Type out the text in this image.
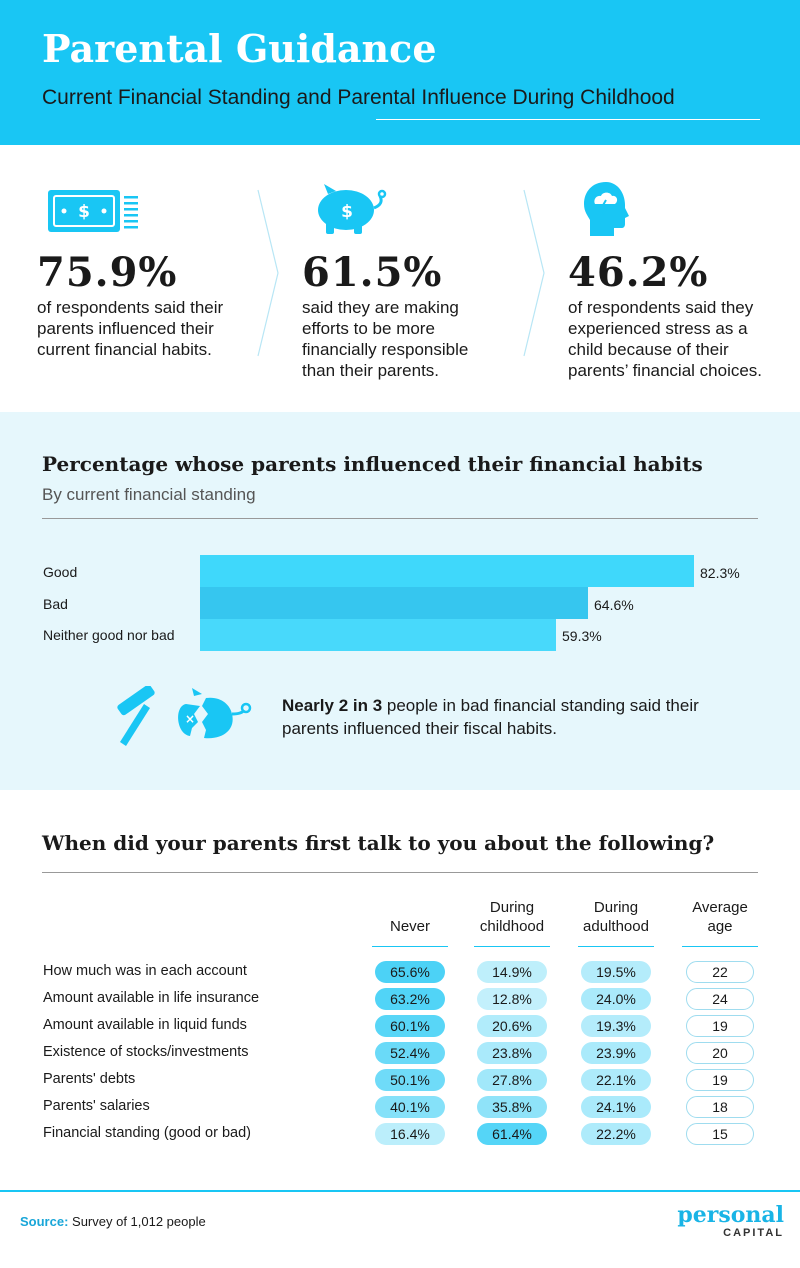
Parental Guidance
Current Financial Standing and Parental Influence During Childhood
$
75.9%
of respondents said their parents influenced their current financial habits.
$
61.5%
said they are making efforts to be more financially responsible than their parents.
46.2%
of respondents said they experienced stress as a child because of their parents’ financial choices.
Percentage whose parents influenced their financial habits
By current financial standing
Good	82.3%
Bad	64.6%
Neither good nor bad	59.3%
×
Nearly 2 in 3 people in bad financial standing said their parents influenced their fiscal habits.
When did your parents first talk to you about the following?
Never
During
childhood
During
adulthood
Average
age
How much was in each account	65.6%	14.9%	19.5%	22
Amount available in life insurance	63.2%	12.8%	24.0%	24
Amount available in liquid funds	60.1%	20.6%	19.3%	19
Existence of stocks/investments	52.4%	23.8%	23.9%	20
Parents' debts	50.1%	27.8%	22.1%	19
Parents' salaries	40.1%	35.8%	24.1%	18
Financial standing (good or bad)	16.4%	61.4%	22.2%	15
Source: Survey of 1,012 people	personal
CAPITAL
